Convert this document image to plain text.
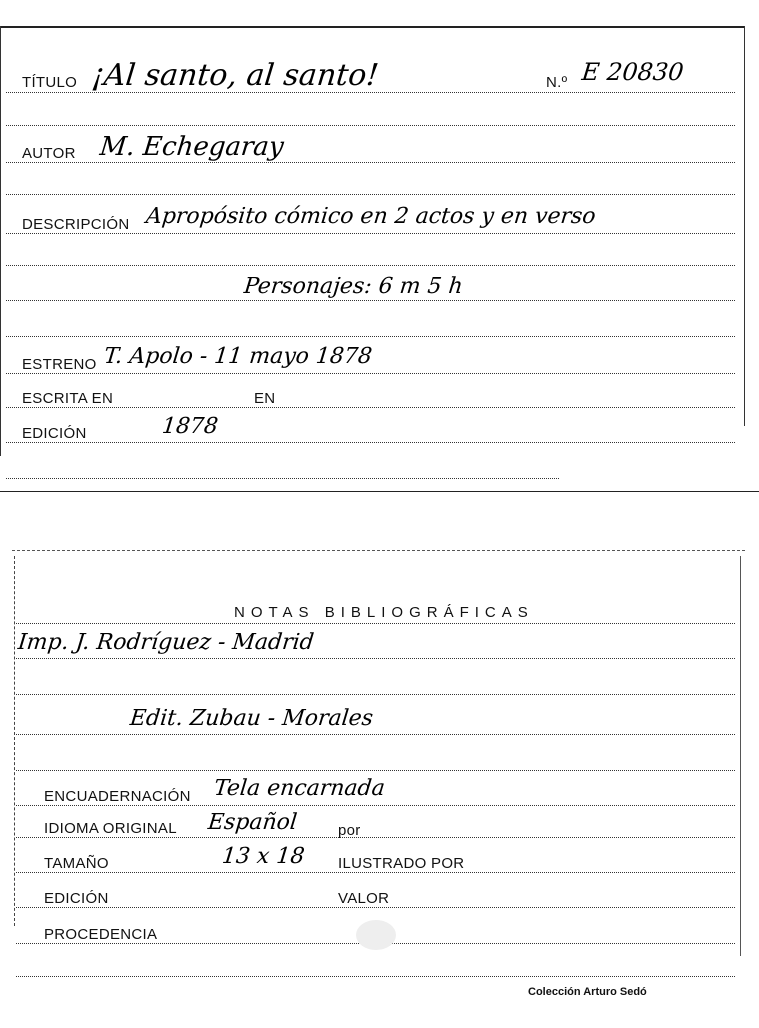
TÍTULO ¡Al santo, al santo!	N.º E 20830
AUTOR M. Echegaray
DESCRIPCIÓN Apropósito cómico en 2 actos y en verso
Personajes: 6 m 5 h
ESTRENO T. Apolo - 11 mayo 1878
ESCRITA EN	EN
EDICIÓN	1878
NOTAS BIBLIOGRÁFICAS
Imp. J. Rodríguez - Madrid
Edit. Zubau - Morales
ENCUADERNACIÓN Tela encarnada
IDIOMA ORIGINAL Español	por
TAMAÑO	13 x 18 ILUSTRADO POR
EDICIÓN	VALOR
PROCEDENCIA
Colección Arturo Sedó
